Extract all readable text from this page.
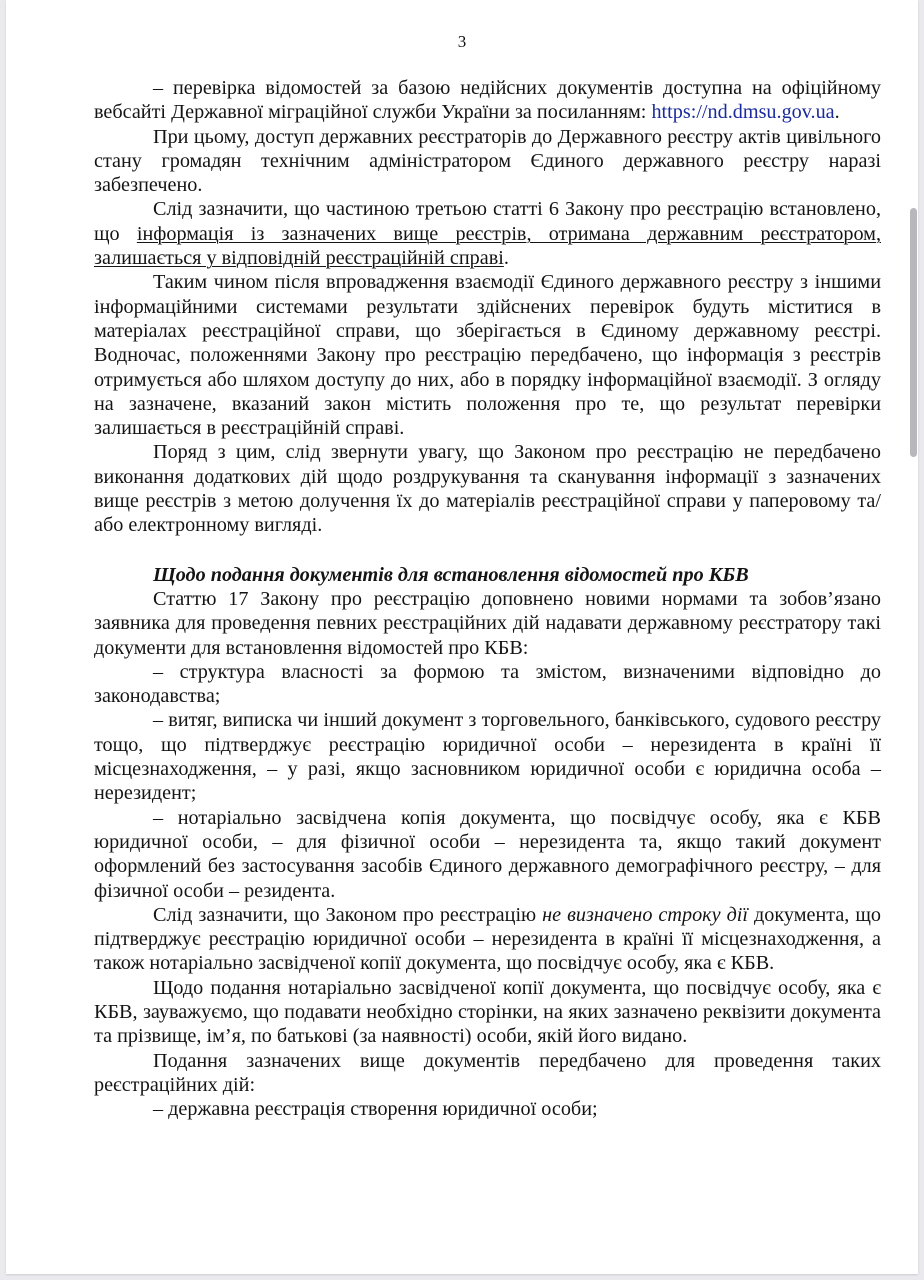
3

– перевірка відомостей за базою недійсних документів доступна на офіційному вебсайті Державної міграційної служби України за посиланням: https://nd.dmsu.gov.ua.

При цьому, доступ державних реєстраторів до Державного реєстру актів цивільного стану громадян технічним адміністратором Єдиного державного реєстру наразі забезпечено.

Слід зазначити, що частиною третьою статті 6 Закону про реєстрацію встановлено, що інформація із зазначених вище реєстрів, отримана державним реєстратором, залишається у відповідній реєстраційній справі.

Таким чином після впровадження взаємодії Єдиного державного реєстру з іншими інформаційними системами результати здійснених перевірок будуть міститися в матеріалах реєстраційної справи, що зберігається в Єдиному державному реєстрі. Водночас, положеннями Закону про реєстрацію передбачено, що інформація з реєстрів отримується або шляхом доступу до них, або в порядку інформаційної взаємодії. З огляду на зазначене, вказаний закон містить положення про те, що результат перевірки залишається в реєстраційній справі.

Поряд з цим, слід звернути увагу, що Законом про реєстрацію не передбачено виконання додаткових дій щодо роздрукування та сканування інформації з зазначених вище реєстрів з метою долучення їх до матеріалів реєстраційної справи у паперовому та/або електронному вигляді.

Щодо подання документів для встановлення відомостей про КБВ

Статтю 17 Закону про реєстрацію доповнено новими нормами та зобов’язано заявника для проведення певних реєстраційних дій надавати державному реєстратору такі документи для встановлення відомостей про КБВ:

– структура власності за формою та змістом, визначеними відповідно до законодавства;

– витяг, виписка чи інший документ з торговельного, банківського, судового реєстру тощо, що підтверджує реєстрацію юридичної особи – нерезидента в країні її місцезнаходження, – у разі, якщо засновником юридичної особи є юридична особа – нерезидент;

– нотаріально засвідчена копія документа, що посвідчує особу, яка є КБВ юридичної особи, – для фізичної особи – нерезидента та, якщо такий документ оформлений без застосування засобів Єдиного державного демографічного реєстру, – для фізичної особи – резидента.

Слід зазначити, що Законом про реєстрацію не визначено строку дії документа, що підтверджує реєстрацію юридичної особи – нерезидента в країні її місцезнаходження, а також нотаріально засвідченої копії документа, що посвідчує особу, яка є КБВ.

Щодо подання нотаріально засвідченої копії документа, що посвідчує особу, яка є КБВ, зауважуємо, що подавати необхідно сторінки, на яких зазначено реквізити документа та прізвище, ім’я, по батькові (за наявності) особи, якій його видано.

Подання зазначених вище документів передбачено для проведення таких реєстраційних дій:

– державна реєстрація створення юридичної особи;
